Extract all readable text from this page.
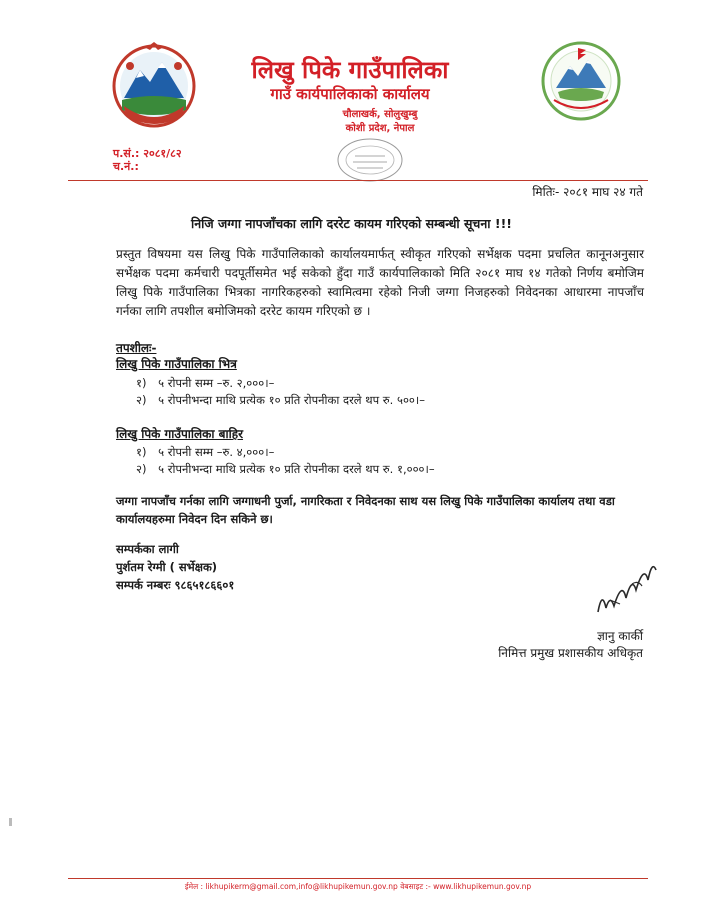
लिखु पिके गाउँपालिका
गाउँ कार्यपालिकाको कार्यालय
चौलाखर्क, सोलुखुम्बु
कोशी प्रदेश, नेपाल
प.सं.: २०८१/८२
च.नं.:
मितिः- २०८१ माघ २४ गते
निजि जग्गा नापजाँचका लागि दररेट कायम गरिएको सम्बन्धी सूचना !!!
प्रस्तुत विषयमा यस लिखु पिके गाउँपालिकाको कार्यालयमार्फत् स्वीकृत गरिएको सर्भेक्षक पदमा प्रचलित कानूनअनुसार सर्भेक्षक पदमा कर्मचारी पदपूर्तीसमेत भई सकेको हुँदा गाउँ कार्यपालिकाको मिति २०८१ माघ १४ गतेको निर्णय बमोजिम लिखु पिके गाउँपालिका भित्रका नागरिकहरुको स्वामित्वमा रहेको निजी जग्गा निजहरुको निवेदनका आधारमा नापजाँच गर्नका लागि तपशील बमोजिमको दररेट कायम गरिएको छ ।
तपशीलः-
लिखु पिके गाउँपालिका भित्र
१) ५ रोपनी सम्म –रु. २,०००।–
२) ५ रोपनीभन्दा माथि प्रत्येक १० प्रति रोपनीका दरले थप रु. ५००।–
लिखु पिके गाउँपालिका बाहिर
१) ५ रोपनी सम्म –रु. ४,०००।–
२) ५ रोपनीभन्दा माथि प्रत्येक १० प्रति रोपनीका दरले थप रु. १,०००।–
जग्गा नापजाँच गर्नका लागि जग्गाधनी पुर्जा, नागरिकता र निवेदनका साथ यस लिखु पिके गाउँपालिका कार्यालय तथा वडा कार्यालयहरुमा निवेदन दिन सकिने छ।
सम्पर्कका लागी
पुर्शतम रेग्मी ( सर्भेक्षक)
सम्पर्क नम्बरः ९८६५१८६६०१
ज्ञानु कार्की
निमित्त प्रमुख प्रशासकीय अधिकृत
ईमेल : likhupikerm@gmail.com,info@likhupikemun.gov.np वेबसाइट :- www.likhupikemun.gov.np
